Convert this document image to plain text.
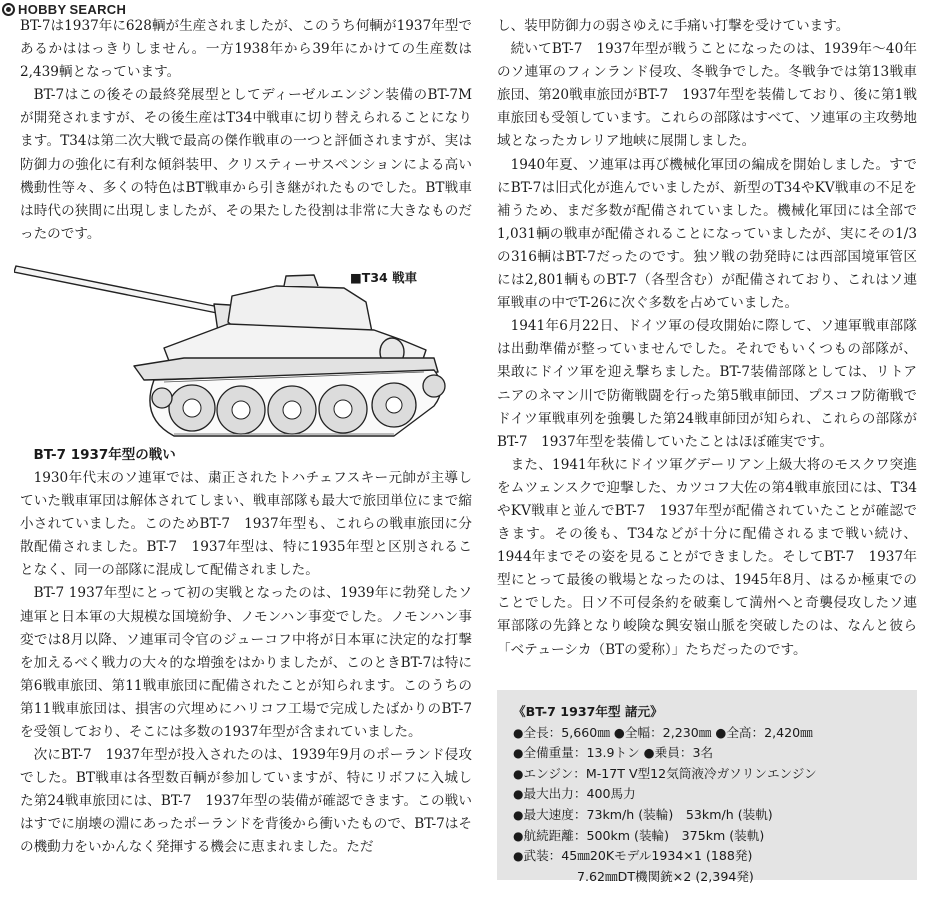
HOBBY SEARCH

BT-7は1937年に628輌が生産されましたが、このうち何輌が1937年型であるかははっきりしません。一方1938年から39年にかけての生産数は2,439輌となっています。

BT-7はこの後その最終発展型としてディーゼルエンジン装備のBT-7Mが開発されますが、その後生産はT34中戦車に切り替えられることになります。T34は第二次大戦で最高の傑作戦車の一つと評価されますが、実は防御力の強化に有利な傾斜装甲、クリスティーサスペンションによる高い機動性等々、多くの特色はBT戦車から引き継がれたものでした。BT戦車は時代の狭間に出現しましたが、その果たした役割は非常に大きなものだったのです。

■T34 戦車

BT-7 1937年型の戦い

1930年代末のソ連軍では、粛正されたトハチェフスキー元帥が主導していた戦車軍団は解体されてしまい、戦車部隊も最大で旅団単位にまで縮小されていました。このためBT-7　1937年型も、これらの戦車旅団に分散配備されました。BT-7　1937年型は、特に1935年型と区別されることなく、同一の部隊に混成して配備されました。

BT-7 1937年型にとって初の実戦となったのは、1939年に勃発したソ連軍と日本軍の大規模な国境紛争、ノモンハン事変でした。ノモンハン事変では8月以降、ソ連軍司令官のジューコフ中将が日本軍に決定的な打撃を加えるべく戦力の大々的な増強をはかりましたが、このときBT-7は特に第6戦車旅団、第11戦車旅団に配備されたことが知られます。このうちの第11戦車旅団は、損害の穴埋めにハリコフ工場で完成したばかりのBT-7を受領しており、そこには多数の1937年型が含まれていました。

次にBT-7　1937年型が投入されたのは、1939年9月のポーランド侵攻でした。BT戦車は各型数百輌が参加していますが、特にリボフに入城した第24戦車旅団には、BT-7　1937年型の装備が確認できます。この戦いはすでに崩壊の淵にあったポーランドを背後から衝いたもので、BT-7はその機動力をいかんなく発揮する機会に恵まれました。ただ

し、装甲防御力の弱さゆえに手痛い打撃を受けています。

続いてBT-7　1937年型が戦うことになったのは、1939年～40年のソ連軍のフィンランド侵攻、冬戦争でした。冬戦争では第13戦車旅団、第20戦車旅団がBT-7　1937年型を装備しており、後に第1戦車旅団も受領しています。これらの部隊はすべて、ソ連軍の主攻勢地域となったカレリア地峡に展開しました。

1940年夏、ソ連軍は再び機械化軍団の編成を開始しました。すでにBT-7は旧式化が進んでいましたが、新型のT34やKV戦車の不足を補うため、まだ多数が配備されていました。機械化軍団には全部で1,031輌の戦車が配備されることになっていましたが、実にその1/3の316輌はBT-7だったのです。独ソ戦の勃発時には西部国境軍管区には2,801輌ものBT-7（各型含む）が配備されており、これはソ連軍戦車の中でT-26に次ぐ多数を占めていました。

1941年6月22日、ドイツ軍の侵攻開始に際して、ソ連軍戦車部隊は出動準備が整っていませんでした。それでもいくつもの部隊が、果敢にドイツ軍を迎え撃ちました。BT-7装備部隊としては、リトアニアのネマン川で防衛戦闘を行った第5戦車師団、プスコフ防衛戦でドイツ軍戦車列を強襲した第24戦車師団が知られ、これらの部隊がBT-7　1937年型を装備していたことはほぼ確実です。

また、1941年秋にドイツ軍グデーリアン上級大将のモスクワ突進をムツェンスクで迎撃した、カツコフ大佐の第4戦車旅団には、T34やKV戦車と並んでBT-7　1937年型が配備されていたことが確認できます。その後も、T34などが十分に配備されるまで戦い続け、1944年までその姿を見ることができました。そしてBT-7　1937年型にとって最後の戦場となったのは、1945年8月、はるか極東でのことでした。日ソ不可侵条約を破棄して満州へと奇襲侵攻したソ連軍部隊の先鋒となり峻険な興安嶺山脈を突破したのは、なんと彼ら「ベテューシカ（BTの愛称）」たちだったのです。

《BT-7 1937年型 諸元》
●全長：5,660㎜ ●全幅：2,230㎜ ●全高：2,420㎜
●全備重量：13.9トン ●乗員：3名
●エンジン：M-17T V型12気筒液冷ガソリンエンジン
●最大出力：400馬力
●最大速度：73km/h (装輪)　53km/h (装軌)
●航続距離：500km (装輪)　375km (装軌)
●武装：45㎜20Kモデル1934×1 (188発)
7.62㎜DT機関銃×2 (2,394発)
